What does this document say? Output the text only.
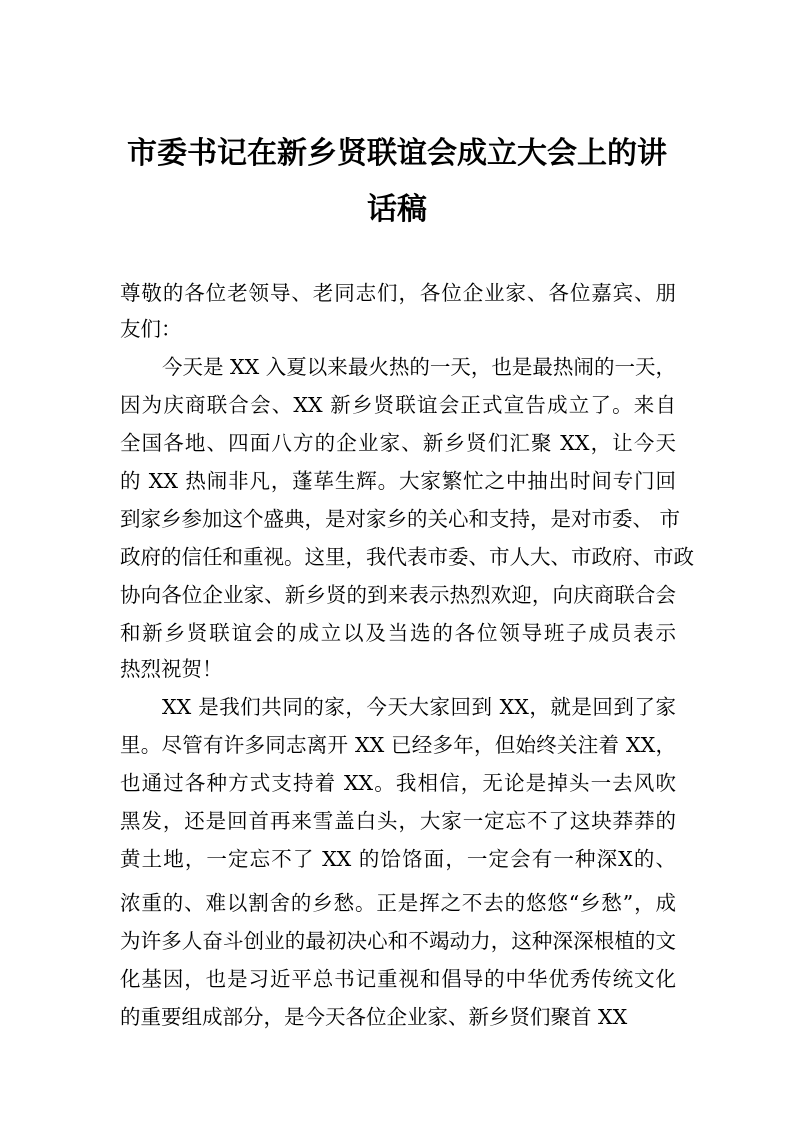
市委书记在新乡贤联谊会成立大会上的讲
话稿
尊敬的各位老领导、老同志们，各位企业家、各位嘉宾、朋
友们：
今天是 XX 入夏以来最火热的一天，也是最热闹的一天，
因为庆商联合会、XX 新乡贤联谊会正式宣告成立了。来自
全国各地、四面八方的企业家、新乡贤们汇聚 XX，让今天
的 XX 热闹非凡，蓬荜生辉。大家繁忙之中抽出时间专门回
到家乡参加这个盛典，是对家乡的关心和支持，是对市委、 市
政府的信任和重视。这里，我代表市委、市人大、市政府、市政
协向各位企业家、新乡贤的到来表示热烈欢迎，向庆商联合会
和新乡贤联谊会的成立以及当选的各位领导班子成员表示
热烈祝贺！
XX 是我们共同的家，今天大家回到 XX，就是回到了家
里。尽管有许多同志离开 XX 已经多年，但始终关注着 XX，
也通过各种方式支持着 XX。我相信，无论是掉头一去风吹
黑发，还是回首再来雪盖白头，大家一定忘不了这块莽莽的
黄土地，一定忘不了 XX 的饸饹面，一定会有一种深X的、
浓重的、难以割舍的乡愁。正是挥之不去的悠悠“乡愁”，成
为许多人奋斗创业的最初决心和不竭动力，这种深深根植的文
化基因，也是习近平总书记重视和倡导的中华优秀传统文化
的重要组成部分，是今天各位企业家、新乡贤们聚首 XX
